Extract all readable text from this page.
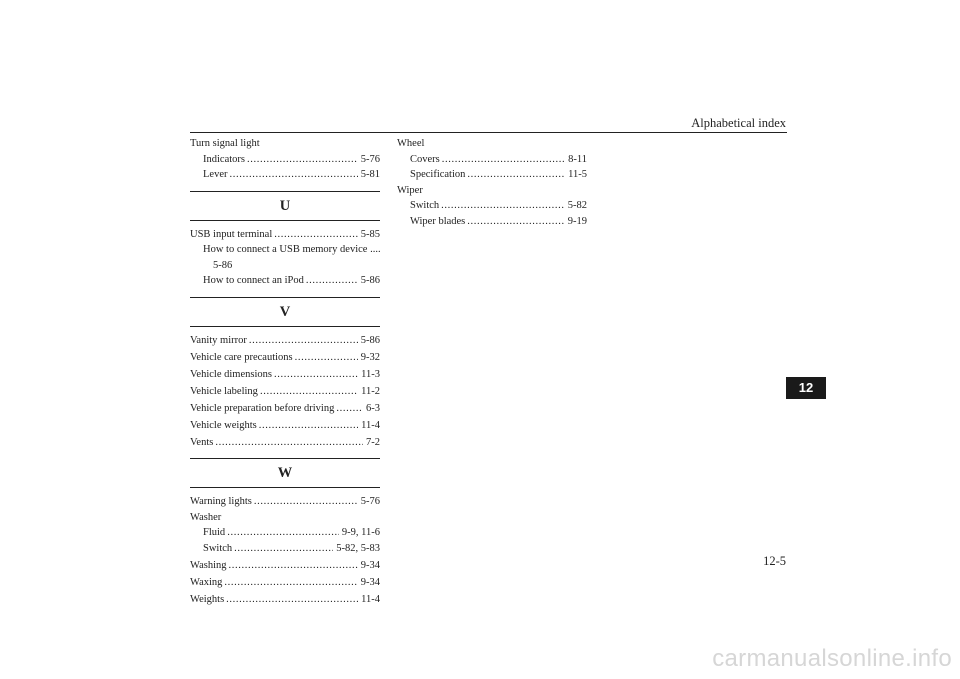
Alphabetical index
Turn signal light
Indicators . . .	5-76
Lever . . .	5-81
U
USB input terminal . . .	5-85
How to connect a USB memory device ....
5-86
How to connect an iPod . . .	5-86
V
Vanity mirror . . .	5-86
Vehicle care precautions . . .	9-32
Vehicle dimensions . . .	11-3
Vehicle labeling . . .	11-2
Vehicle preparation before driving . . .	6-3
Vehicle weights . . .	11-4
Vents . . .	7-2
W
Warning lights . . .	5-76
Washer
Fluid . . .	9-9, 11-6
Switch . . .	5-82, 5-83
Washing . . .	9-34
Waxing . . .	9-34
Weights . . .	11-4
Wheel
Covers . . .	8-11
Specification . . .	11-5
Wiper
Switch . . .	5-82
Wiper blades . . .	9-19
12
12-5
carmanualsonline.info
